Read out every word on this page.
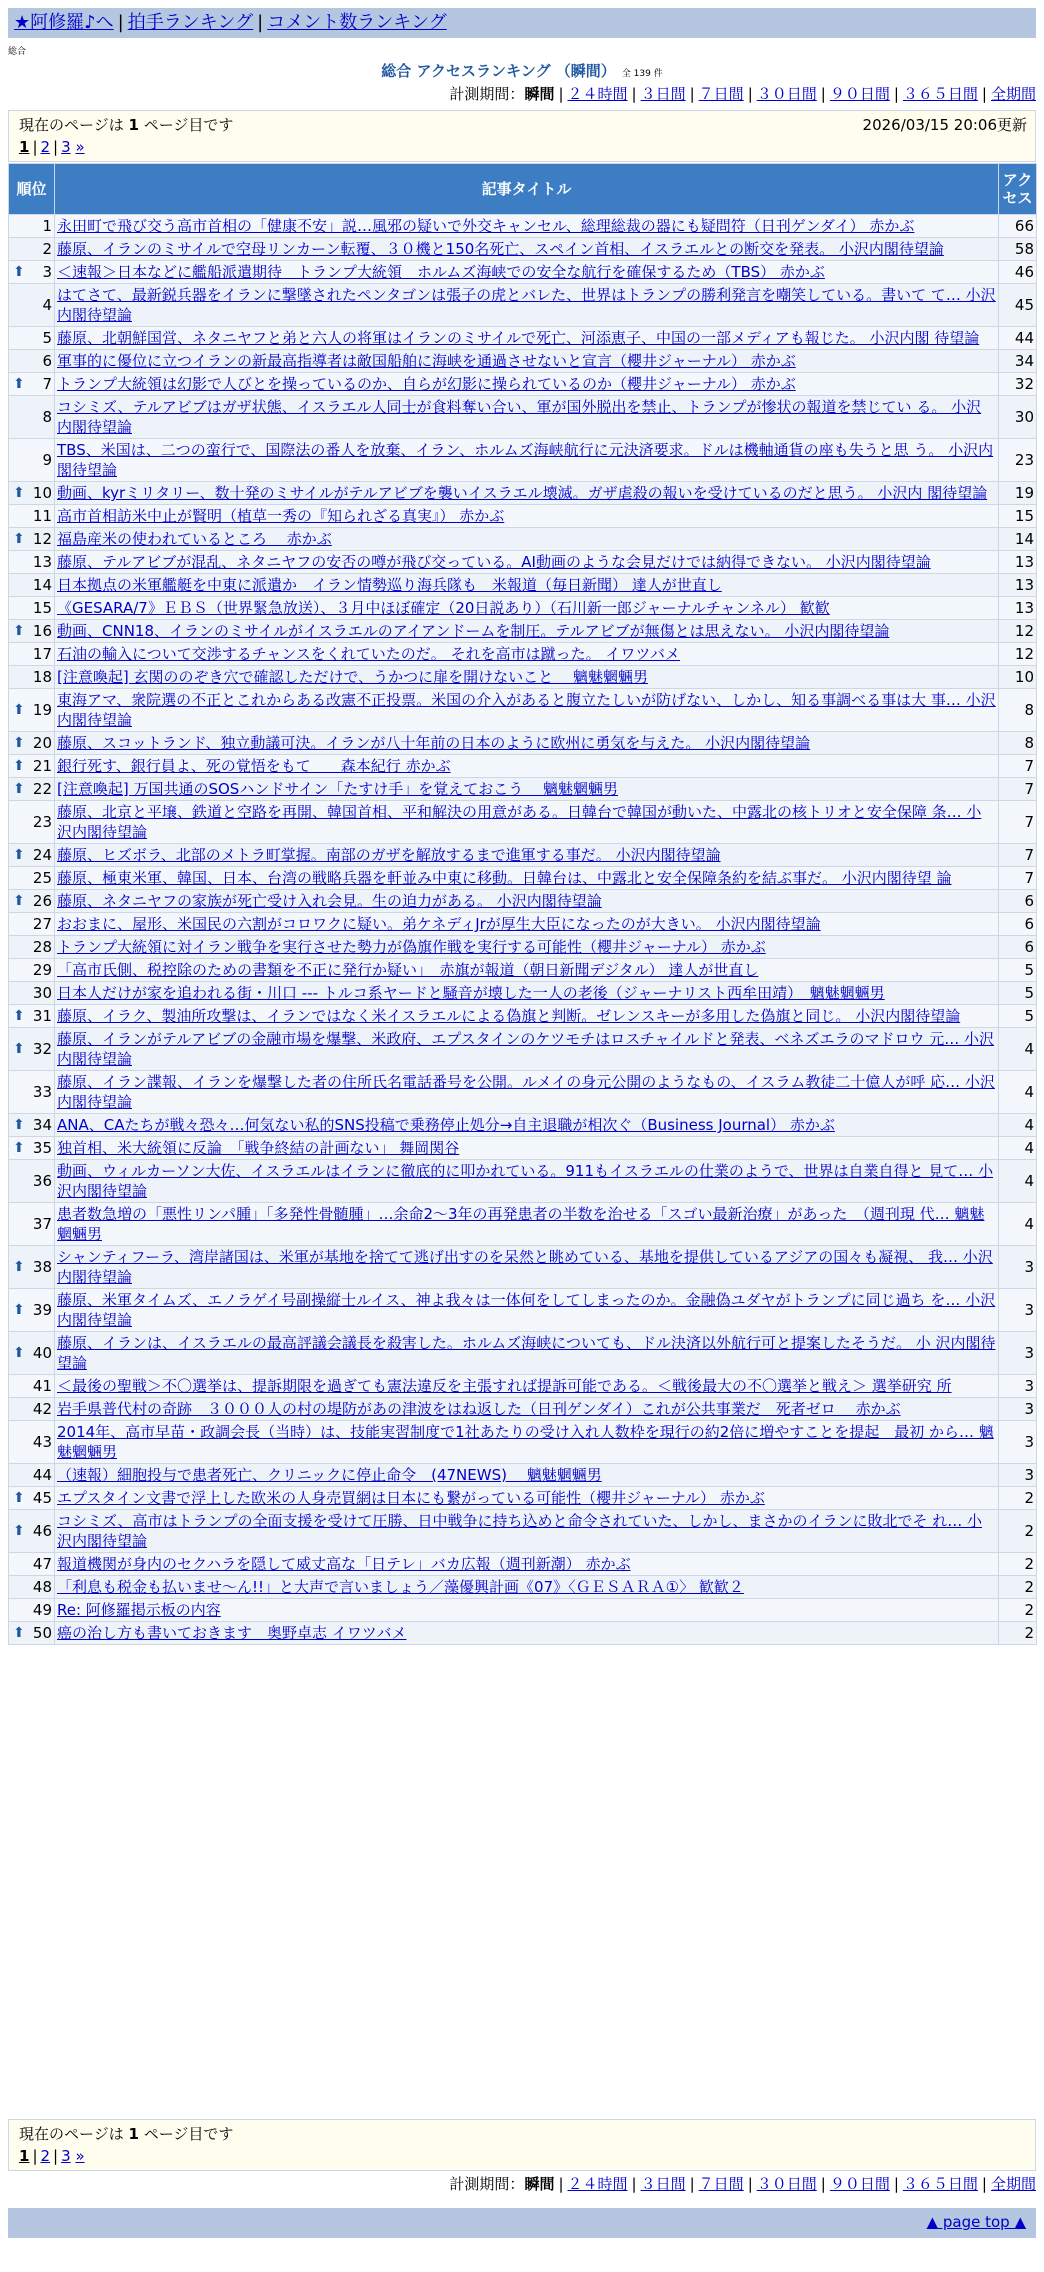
★阿修羅♪へ | 拍手ランキング | コメント数ランキング
総合
総合 アクセスランキング （瞬間） 全 139 件
計測期間：瞬間 | ２４時間 | ３日間 | ７日間 | ３０日間 | ９０日間 | ３６５日間 | 全期間
現在のページは 1 ページ目です	2026/03/15 20:06更新
1 | 2 | 3 »
順位	記事タイトル	アクセス
1	永田町で飛び交う高市首相の「健康不安」説…風邪の疑いで外交キャンセル、総理総裁の器にも疑問符（日刊ゲンダイ） 赤かぶ	66
2	藤原、イランのミサイルで空母リンカーン転覆、３０機と150名死亡、スペイン首相、イスラエルとの断交を発表。 小沢内閣待望論	58

⬆ 3	＜速報＞日本などに艦船派遣期待　トランプ大統領　ホルムズ海峡での安全な航行を確保するため（TBS） 赤かぶ	46
4	はてさて、最新鋭兵器をイランに撃墜されたペンタゴンは張子の虎とバレた、世界はトランプの勝利発言を嘲笑している。書いて て… 小沢内閣待望論	45
5	藤原、北朝鮮国営、ネタニヤフと弟と六人の将軍はイランのミサイルで死亡、河添恵子、中国の一部メディアも報じた。 小沢内閣 待望論	44
6	軍事的に優位に立つイランの新最高指導者は敵国船舶に海峡を通過させないと宣言（櫻井ジャーナル） 赤かぶ	34

⬆ 7	トランプ大統領は幻影で人びとを操っているのか、自らが幻影に操られているのか（櫻井ジャーナル） 赤かぶ	32
8	コシミズ、テルアビブはガザ状態、イスラエル人同士が食料奪い合い、軍が国外脱出を禁止、トランプが惨状の報道を禁じてい る。 小沢内閣待望論	30
9	TBS、米国は、二つの蛮行で、国際法の番人を放棄、イラン、ホルムズ海峡航行に元決済要求。ドルは機軸通貨の座も失うと思 う。 小沢内閣待望論	23

⬆ 10	動画、kyrミリタリー、数十発のミサイルがテルアビブを襲いイスラエル壊滅。ガザ虐殺の報いを受けているのだと思う。 小沢内 閣待望論	19
11	高市首相訪米中止が賢明（植草一秀の『知られざる真実』） 赤かぶ	15

⬆ 12	福島産米の使われているところ　 赤かぶ	14
13	藤原、テルアビブが混乱、ネタニヤフの安否の噂が飛び交っている。AI動画のような会見だけでは納得できない。 小沢内閣待望論	13
14	日本拠点の米軍艦艇を中東に派遣か　イラン情勢巡り海兵隊も　米報道（毎日新聞） 達人が世直し	13
15	《GESARA/7》ＥＢＳ（世界緊急放送）、３月中ほぼ確定（20日説あり）（石川新一郎ジャーナルチャンネル） 歓歓	13

⬆ 16	動画、CNN18、イランのミサイルがイスラエルのアイアンドームを制圧。テルアビブが無傷とは思えない。 小沢内閣待望論	12
17	石油の輸入について交渉するチャンスをくれていたのだ。 それを高市は蹴った。 イワツバメ	12
18	[注意喚起] 玄関ののぞき穴で確認しただけで、うかつに扉を開けないこと　 魑魅魍魎男	10

⬆ 19	東海アマ、衆院選の不正とこれからある改憲不正投票。米国の介入があると腹立たしいが防げない、しかし、知る事調べる事は大 事… 小沢内閣待望論	8

⬆ 20	藤原、スコットランド、独立動議可決。イランが八十年前の日本のように欧州に勇気を与えた。 小沢内閣待望論	8

⬆ 21	銀行死す、銀行員よ、死の覚悟をもて　　森本紀行 赤かぶ	7

⬆ 22	[注意喚起] 万国共通のSOSハンドサイン「たすけ手」を覚えておこう　 魑魅魍魎男	7
23	藤原、北京と平壌、鉄道と空路を再開、韓国首相、平和解決の用意がある。日韓台で韓国が動いた、中露北の核トリオと安全保障 条… 小沢内閣待望論	7

⬆ 24	藤原、ヒズボラ、北部のメトラ町掌握。南部のガザを解放するまで進軍する事だ。 小沢内閣待望論	7
25	藤原、極東米軍、韓国、日本、台湾の戦略兵器を軒並み中東に移動。日韓台は、中露北と安全保障条約を結ぶ事だ。 小沢内閣待望 論	7

⬆ 26	藤原、ネタニヤフの家族が死亡受け入れ会見。生の迫力がある。 小沢内閣待望論	6
27	おおまに、屋形、米国民の六割がコロワクに疑い。弟ケネディJrが厚生大臣になったのが大きい。 小沢内閣待望論	6
28	トランプ大統領に対イラン戦争を実行させた勢力が偽旗作戦を実行する可能性（櫻井ジャーナル） 赤かぶ	6
29	「高市氏側、税控除のための書類を不正に発行か疑い」　赤旗が報道（朝日新聞デジタル） 達人が世直し	5
30	日本人だけが家を追われる街・川口 --- トルコ系ヤードと騒音が壊した一人の老後（ジャーナリスト西牟田靖）　魑魅魍魎男	5

⬆ 31	藤原、イラク、製油所攻撃は、イランではなく米イスラエルによる偽旗と判断。ゼレンスキーが多用した偽旗と同じ。 小沢内閣待望論	5

⬆ 32	藤原、イランがテルアビブの金融市場を爆撃、米政府、エプスタインのケツモチはロスチャイルドと発表、ベネズエラのマドロウ 元… 小沢内閣待望論	4
33	藤原、イラン諜報、イランを爆撃した者の住所氏名電話番号を公開。ルメイの身元公開のようなもの、イスラム教徒二十億人が呼 応… 小沢内閣待望論	4

⬆ 34	ANA、CAたちが戦々恐々…何気ない私的SNS投稿で乗務停止処分→自主退職が相次ぐ（Business Journal） 赤かぶ	4

⬆ 35	独首相、米大統領に反論　「戦争終結の計画ない」 舞岡関谷	4
36	動画、ウィルカーソン大佐、イスラエルはイランに徹底的に叩かれている。911もイスラエルの仕業のようで、世界は自業自得と 見て… 小沢内閣待望論	4
37	患者数急増の「悪性リンパ腫」「多発性骨髄腫」…余命2～3年の再発患者の半数を治せる「スゴい最新治療」があった　（週刊現 代… 魑魅魍魎男	4

⬆ 38	シャンティフーラ、湾岸諸国は、米軍が基地を捨てて逃げ出すのを呆然と眺めている、基地を提供しているアジアの国々も凝視、 我… 小沢内閣待望論	3

⬆ 39	藤原、米軍タイムズ、エノラゲイ号副操縦士ルイス、神よ我々は一体何をしてしまったのか。金融偽ユダヤがトランプに同じ過ち を… 小沢内閣待望論	3

⬆ 40	藤原、イランは、イスラエルの最高評議会議長を殺害した。ホルムズ海峡についても、ドル決済以外航行可と提案したそうだ。 小 沢内閣待望論	3
41	＜最後の聖戦＞不〇選挙は、提訴期限を過ぎても憲法違反を主張すれば提訴可能である。＜戦後最大の不〇選挙と戦え＞ 選挙研究 所	3
42	岩手県普代村の奇跡　３０００人の村の堤防があの津波をはね返した（日刊ゲンダイ）これが公共事業だ　死者ゼロ　 赤かぶ	3
43	2014年、高市早苗・政調会長（当時）は、技能実習制度で1社あたりの受け入れ人数枠を現行の約2倍に増やすことを提起　最初 から… 魑魅魍魎男	3
44	（速報）細胞投与で患者死亡、クリニックに停止命令　(47NEWS)　 魑魅魍魎男	3

⬆ 45	エプスタイン文書で浮上した欧米の人身売買網は日本にも繋がっている可能性（櫻井ジャーナル） 赤かぶ	2

⬆ 46	コシミズ、高市はトランプの全面支援を受けて圧勝、日中戦争に持ち込めと命令されていた、しかし、まさかのイランに敗北でそ れ… 小沢内閣待望論	2
47	報道機関が身内のセクハラを隠して威丈高な「日テレ」バカ広報（週刊新潮） 赤かぶ	2
48	「利息も税金も払いませ〜ん!!」と大声で言いましょう／藻優興計画《07》〈ＧＥＳＡＲＡ①〉 歓歓２	2
49	Re: 阿修羅掲示板の内容	2

⬆ 50	癌の治し方も書いておきます　奥野卓志 イワツバメ	2
現在のページは 1 ページ目です
1 | 2 | 3 »
計測期間：瞬間 | ２４時間 | ３日間 | ７日間 | ３０日間 | ９０日間 | ３６５日間 | 全期間
▲ page top ▲
